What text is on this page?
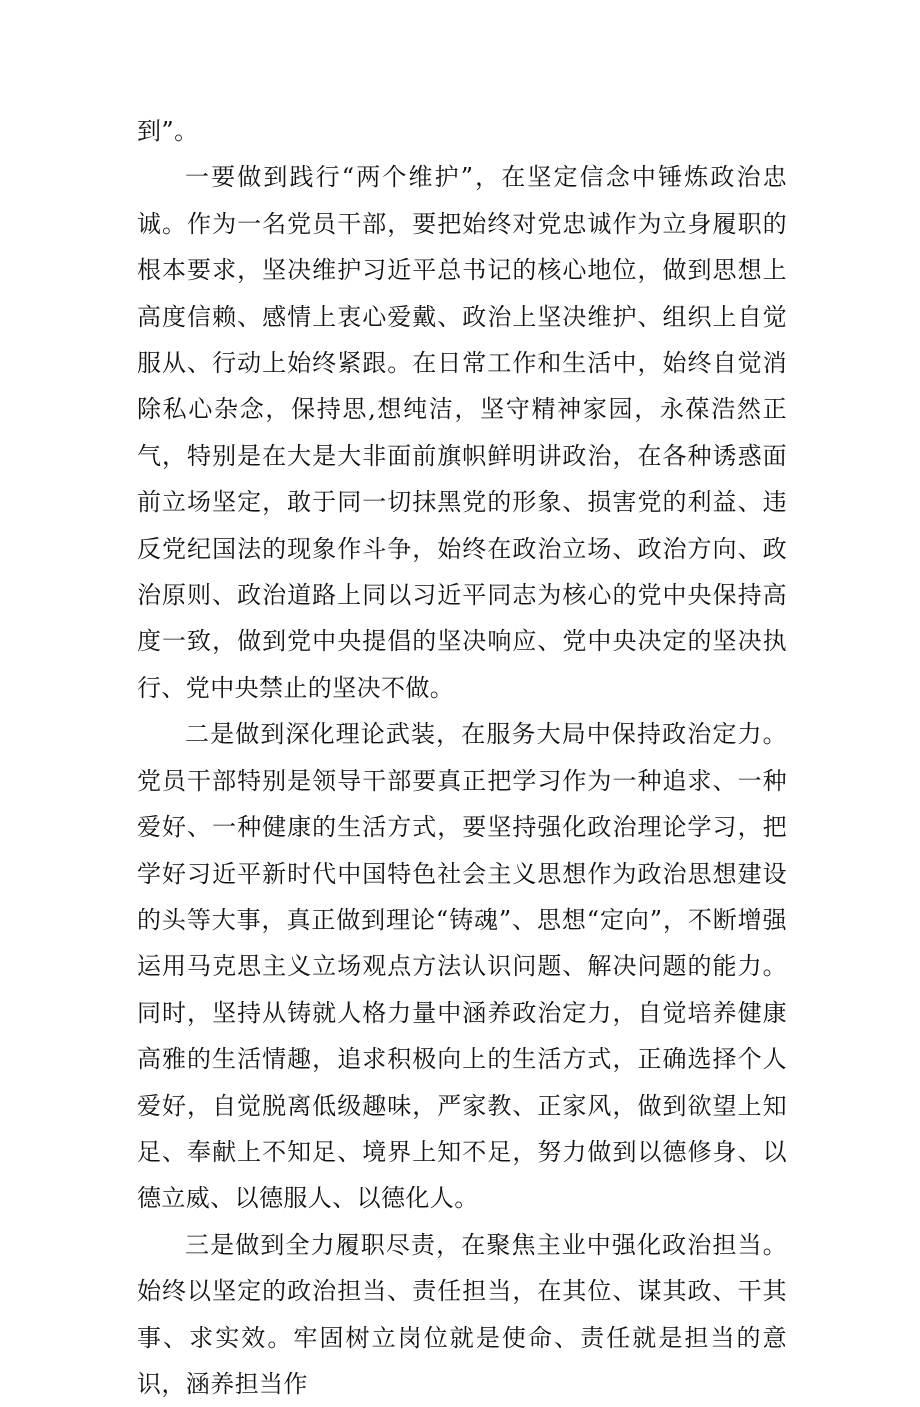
到”。

一要做到践行“两个维护”，在坚定信念中锤炼政治忠诚。作为一名党员干部，要把始终对党忠诚作为立身履职的根本要求，坚决维护习近平总书记的核心地位，做到思想上高度信赖、感情上衷心爱戴、政治上坚决维护、组织上自觉服从、行动上始终紧跟。在日常工作和生活中，始终自觉消除私心杂念，保持思,想纯洁，坚守精神家园，永葆浩然正气，特别是在大是大非面前旗帜鲜明讲政治，在各种诱惑面前立场坚定，敢于同一切抹黑党的形象、损害党的利益、违反党纪国法的现象作斗争，始终在政治立场、政治方向、政治原则、政治道路上同以习近平同志为核心的党中央保持高度一致，做到党中央提倡的坚决响应、党中央决定的坚决执行、党中央禁止的坚决不做。

二是做到深化理论武装，在服务大局中保持政治定力。党员干部特别是领导干部要真正把学习作为一种追求、一种爱好、一种健康的生活方式，要坚持强化政治理论学习，把学好习近平新时代中国特色社会主义思想作为政治思想建设的头等大事，真正做到理论“铸魂”、思想“定向”，不断增强运用马克思主义立场观点方法认识问题、解决问题的能力。同时，坚持从铸就人格力量中涵养政治定力，自觉培养健康高雅的生活情趣，追求积极向上的生活方式，正确选择个人爱好，自觉脱离低级趣味，严家教、正家风，做到欲望上知足、奉献上不知足、境界上知不足，努力做到以德修身、以德立威、以德服人、以德化人。

三是做到全力履职尽责，在聚焦主业中强化政治担当。始终以坚定的政治担当、责任担当，在其位、谋其政、干其事、求实效。牢固树立岗位就是使命、责任就是担当的意识，涵养担当作
